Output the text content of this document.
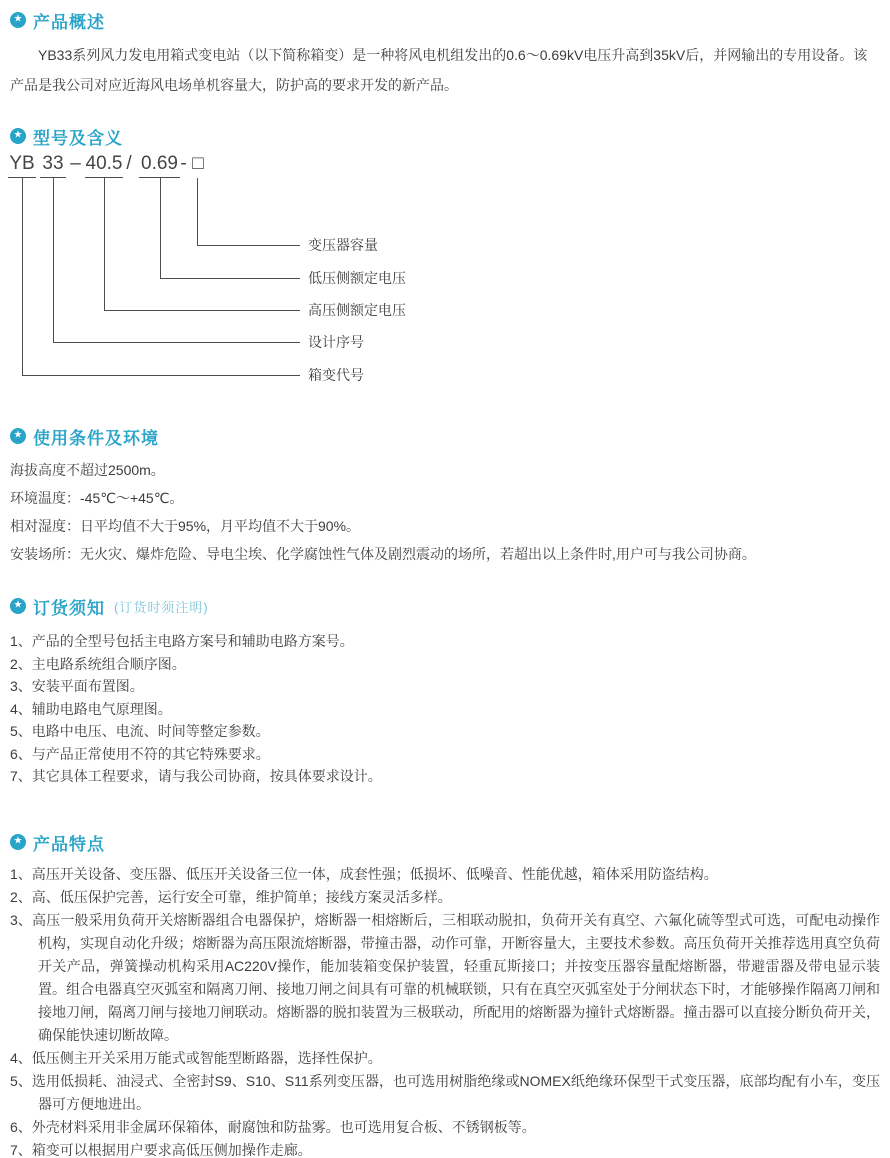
★
产品概述

YB33系列风力发电用箱式变电站（以下简称箱变）是一种将风电机组发出的0.6～0.69kV电压升高到35kV后，并网输出的专用设备。该产品是我公司对应近海风电场单机容量大，防护高的要求开发的新产品。

★
型号及含义
YB 33 – 40.5 / 0.69 - □
变压器容量
低压侧额定电压
高压侧额定电压
设计序号
箱变代号
★
使用条件及环境
海拔高度不超过2500m。
环境温度：-45℃～+45℃。
相对湿度：日平均值不大于95%，月平均值不大于90%。
安装场所：无火灾、爆炸危险、导电尘埃、化学腐蚀性气体及剧烈震动的场所，若超出以上条件时,用户可与我公司协商。
★
订货须知 (订货时须注明)
1、产品的全型号包括主电路方案号和辅助电路方案号。
2、主电路系统组合顺序图。
3、安装平面布置图。
4、辅助电路电气原理图。
5、电路中电压、电流、时间等整定参数。
6、与产品正常使用不符的其它特殊要求。
7、其它具体工程要求，请与我公司协商，按具体要求设计。
★
产品特点
1、高压开关设备、变压器、低压开关设备三位一体，成套性强；低损坏、低噪音、性能优越，箱体采用防盗结构。
2、高、低压保护完善，运行安全可靠，维护简单；接线方案灵活多样。
3、高压一般采用负荷开关熔断器组合电器保护，熔断器一相熔断后，三相联动脱扣，负荷开关有真空、六氟化硫等型式可选，可配电动操作机构，实现自动化升级；熔断器为高压限流熔断器，带撞击器，动作可靠，开断容量大，主要技术参数。高压负荷开关推荐选用真空负荷开关产品，弹簧操动机构采用AC220V操作，能加装箱变保护装置，轻重瓦斯接口；并按变压器容量配熔断器，带避雷器及带电显示装置。组合电器真空灭弧室和隔离刀闸、接地刀闸之间具有可靠的机械联锁，只有在真空灭弧室处于分闸状态下时，才能够操作隔离刀闸和接地刀闸，隔离刀闸与接地刀闸联动。熔断器的脱扣装置为三极联动，所配用的熔断器为撞针式熔断器。撞击器可以直接分断负荷开关，确保能快速切断故障。
4、低压侧主开关采用万能式或智能型断路器，选择性保护。
5、选用低损耗、油浸式、全密封S9、S10、S11系列变压器，也可选用树脂绝缘或NOMEX纸绝缘环保型干式变压器，底部均配有小车，变压器可方便地进出。
6、外壳材料采用非金属环保箱体，耐腐蚀和防盐雾。也可选用复合板、不锈钢板等。
7、箱变可以根据用户要求高低压侧加操作走廊。
